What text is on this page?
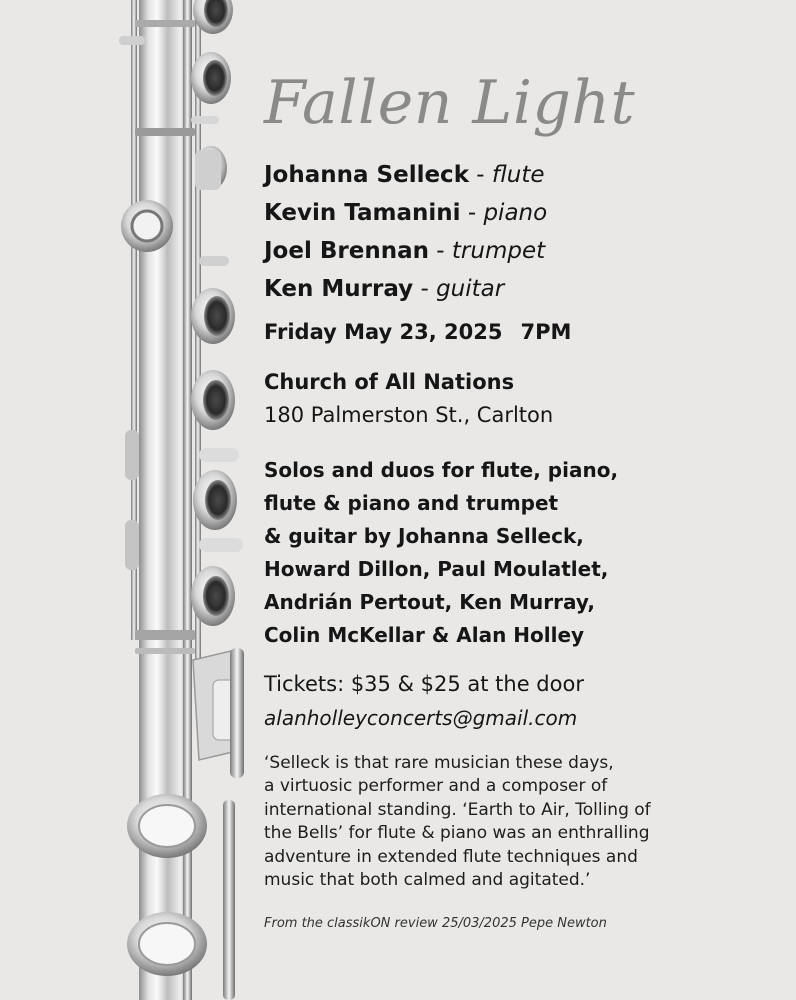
Fallen Light
Johanna Selleck - flute
Kevin Tamanini - piano
Joel Brennan - trumpet
Ken Murray - guitar
Friday May 23, 2025 7PM
Church of All Nations
180 Palmerston St., Carlton
Solos and duos for flute, piano,
flute & piano and trumpet
& guitar by Johanna Selleck,
Howard Dillon, Paul Moulatlet,
Andrián Pertout, Ken Murray,
Colin McKellar & Alan Holley
Tickets: $35 & $25 at the door
alanholleyconcerts@gmail.com
‘Selleck is that rare musician these days,
a virtuosic performer and a composer of
international standing. ‘Earth to Air, Tolling of
the Bells’ for flute & piano was an enthralling
adventure in extended flute techniques and
music that both calmed and agitated.’
From the classikON review 25/03/2025 Pepe Newton
